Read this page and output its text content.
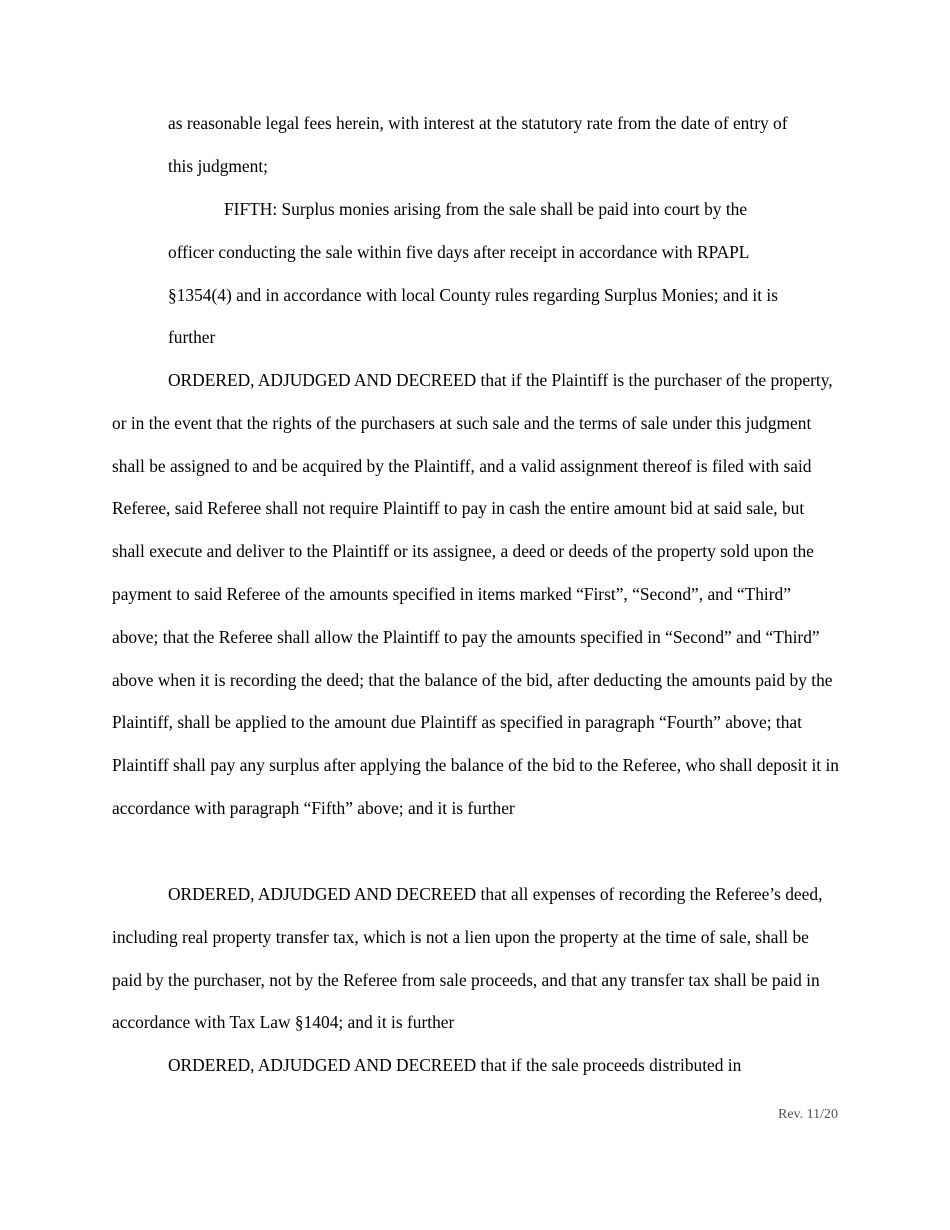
as reasonable legal fees herein, with interest at the statutory rate from the date of entry of this judgment;

FIFTH: Surplus monies arising from the sale shall be paid into court by the officer conducting the sale within five days after receipt in accordance with RPAPL §1354(4) and in accordance with local County rules regarding Surplus Monies; and it is further

ORDERED, ADJUDGED AND DECREED that if the Plaintiff is the purchaser of the property, or in the event that the rights of the purchasers at such sale and the terms of sale under this judgment shall be assigned to and be acquired by the Plaintiff, and a valid assignment thereof is filed with said Referee, said Referee shall not require Plaintiff to pay in cash the entire amount bid at said sale, but shall execute and deliver to the Plaintiff or its assignee, a deed or deeds of the property sold upon the payment to said Referee of the amounts specified in items marked “First”, “Second”, and “Third” above; that the Referee shall allow the Plaintiff to pay the amounts specified in “Second” and “Third” above when it is recording the deed; that the balance of the bid, after deducting the amounts paid by the Plaintiff, shall be applied to the amount due Plaintiff as specified in paragraph “Fourth” above; that Plaintiff shall pay any surplus after applying the balance of the bid to the Referee, who shall deposit it in accordance with paragraph “Fifth” above; and it is further

ORDERED, ADJUDGED AND DECREED that all expenses of recording the Referee’s deed, including real property transfer tax, which is not a lien upon the property at the time of sale, shall be paid by the purchaser, not by the Referee from sale proceeds, and that any transfer tax shall be paid in accordance with Tax Law §1404; and it is further

ORDERED, ADJUDGED AND DECREED that if the sale proceeds distributed in

Rev. 11/20
